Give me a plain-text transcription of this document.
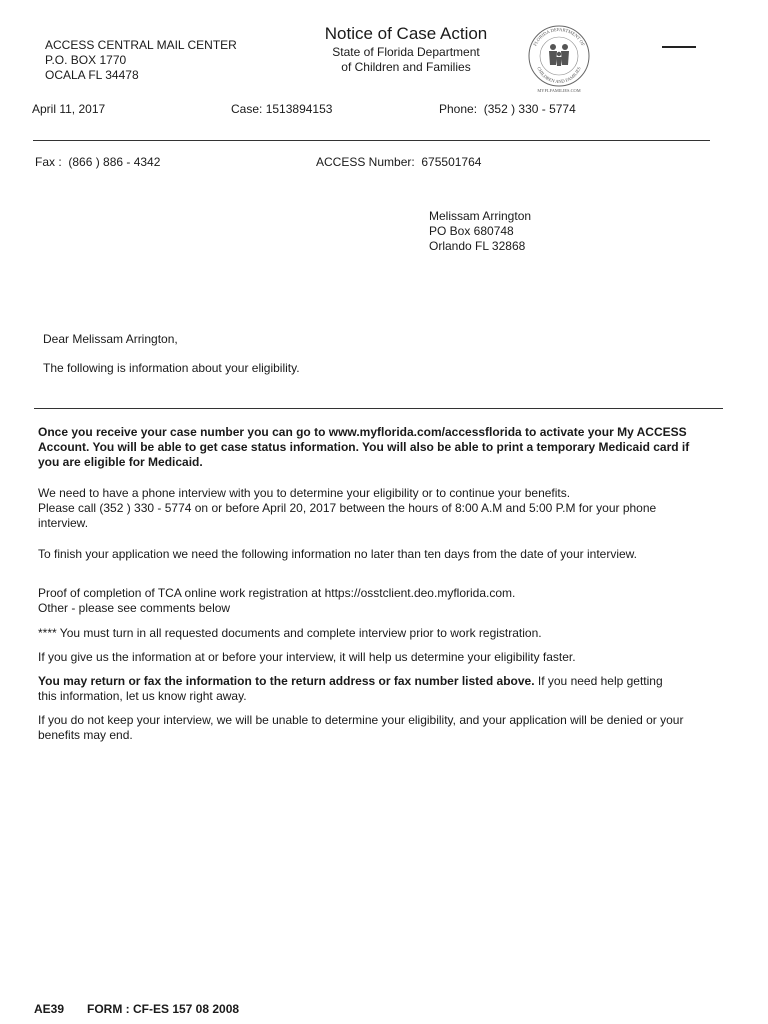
ACCESS CENTRAL MAIL CENTER
P.O. BOX 1770
OCALA FL 34478
Notice of Case Action
State of Florida Department
of Children and Families
FLORIDA DEPARTMENT OF
CHILDREN AND FAMILIES
MYFLFAMILIES.COM
April 11, 2017	Case: 1513894153	Phone: (352 ) 330 - 5774
Fax : (866 ) 886 - 4342	ACCESS Number: 675501764
Melissam Arrington
PO Box 680748
Orlando FL 32868
Dear Melissam Arrington,
The following is information about your eligibility.
Once you receive your case number you can go to www.myflorida.com/accessflorida to activate your My ACCESS Account. You will be able to get case status information. You will also be able to print a temporary Medicaid card if you are eligible for Medicaid.
We need to have a phone interview with you to determine your eligibility or to continue your benefits.
Please call (352 ) 330 - 5774 on or before April 20, 2017 between the hours of 8:00 A.M and 5:00 P.M for your phone interview.
To finish your application we need the following information no later than ten days from the date of your interview.
Proof of completion of TCA online work registration at https://osstclient.deo.myflorida.com.
Other - please see comments below
**** You must turn in all requested documents and complete interview prior to work registration.
If you give us the information at or before your interview, it will help us determine your eligibility faster.
You may return or fax the information to the return address or fax number listed above. If you need help getting this information, let us know right away.
If you do not keep your interview, we will be unable to determine your eligibility, and your application will be denied or your benefits may end.
AE39 FORM : CF-ES 157 08 2008
